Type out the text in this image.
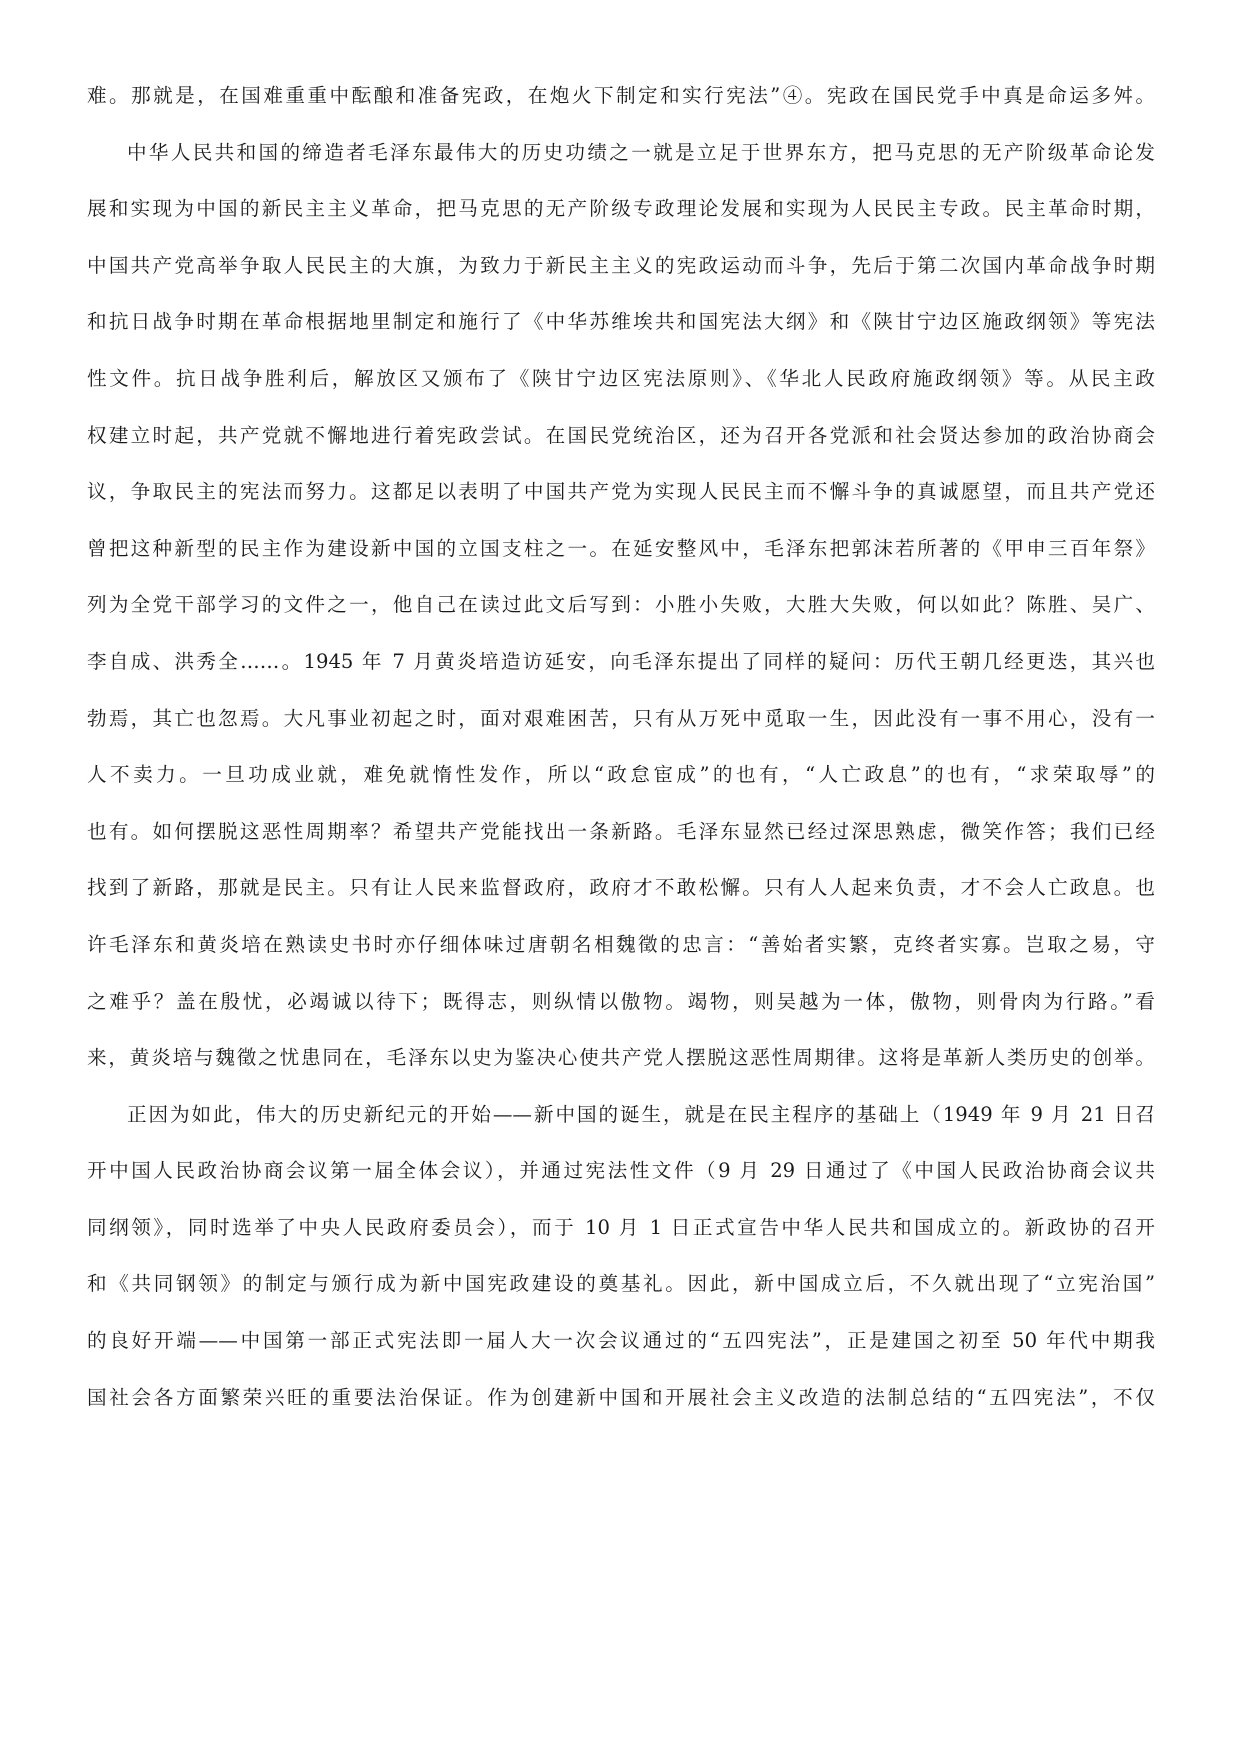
难。那就是，在国难重重中酝酿和准备宪政，在炮火下制定和实行宪法”④。宪政在国民党手中真是命运多舛。
中华人民共和国的缔造者毛泽东最伟大的历史功绩之一就是立足于世界东方，把马克思的无产阶级革命论发
展和实现为中国的新民主主义革命，把马克思的无产阶级专政理论发展和实现为人民民主专政。民主革命时期，
中国共产党高举争取人民民主的大旗，为致力于新民主主义的宪政运动而斗争，先后于第二次国内革命战争时期
和抗日战争时期在革命根据地里制定和施行了《中华苏维埃共和国宪法大纲》和《陕甘宁边区施政纲领》等宪法
性文件。抗日战争胜利后，解放区又颁布了《陕甘宁边区宪法原则》、《华北人民政府施政纲领》等。从民主政
权建立时起，共产党就不懈地进行着宪政尝试。在国民党统治区，还为召开各党派和社会贤达参加的政治协商会
议，争取民主的宪法而努力。这都足以表明了中国共产党为实现人民民主而不懈斗争的真诚愿望，而且共产党还
曾把这种新型的民主作为建设新中国的立国支柱之一。在延安整风中，毛泽东把郭沫若所著的《甲申三百年祭》
列为全党干部学习的文件之一，他自己在读过此文后写到：小胜小失败，大胜大失败，何以如此？陈胜、吴广、
李自成、洪秀全……。1945 年 7 月黄炎培造访延安，向毛泽东提出了同样的疑问：历代王朝几经更迭，其兴也
勃焉，其亡也忽焉。大凡事业初起之时，面对艰难困苦，只有从万死中觅取一生，因此没有一事不用心，没有一
人不卖力。一旦功成业就，难免就惰性发作，所以“政怠宦成”的也有，“人亡政息”的也有，“求荣取辱”的
也有。如何摆脱这恶性周期率？希望共产党能找出一条新路。毛泽东显然已经过深思熟虑，微笑作答；我们已经
找到了新路，那就是民主。只有让人民来监督政府，政府才不敢松懈。只有人人起来负责，才不会人亡政息。也
许毛泽东和黄炎培在熟读史书时亦仔细体味过唐朝名相魏徵的忠言：“善始者实繁，克终者实寡。岂取之易，守
之难乎？盖在殷忧，必竭诚以待下；既得志，则纵情以傲物。竭物，则吴越为一体，傲物，则骨肉为行路。”看
来，黄炎培与魏徵之忧患同在，毛泽东以史为鉴决心使共产党人摆脱这恶性周期律。这将是革新人类历史的创举。
正因为如此，伟大的历史新纪元的开始——新中国的诞生，就是在民主程序的基础上（1949 年 9 月 21 日召
开中国人民政治协商会议第一届全体会议），并通过宪法性文件（9 月 29 日通过了《中国人民政治协商会议共
同纲领》，同时选举了中央人民政府委员会），而于 10 月 1 日正式宣告中华人民共和国成立的。新政协的召开
和《共同钢领》的制定与颁行成为新中国宪政建设的奠基礼。因此，新中国成立后，不久就出现了“立宪治国”
的良好开端——中国第一部正式宪法即一届人大一次会议通过的“五四宪法”，正是建国之初至 50 年代中期我
国社会各方面繁荣兴旺的重要法治保证。作为创建新中国和开展社会主义改造的法制总结的“五四宪法”，不仅
